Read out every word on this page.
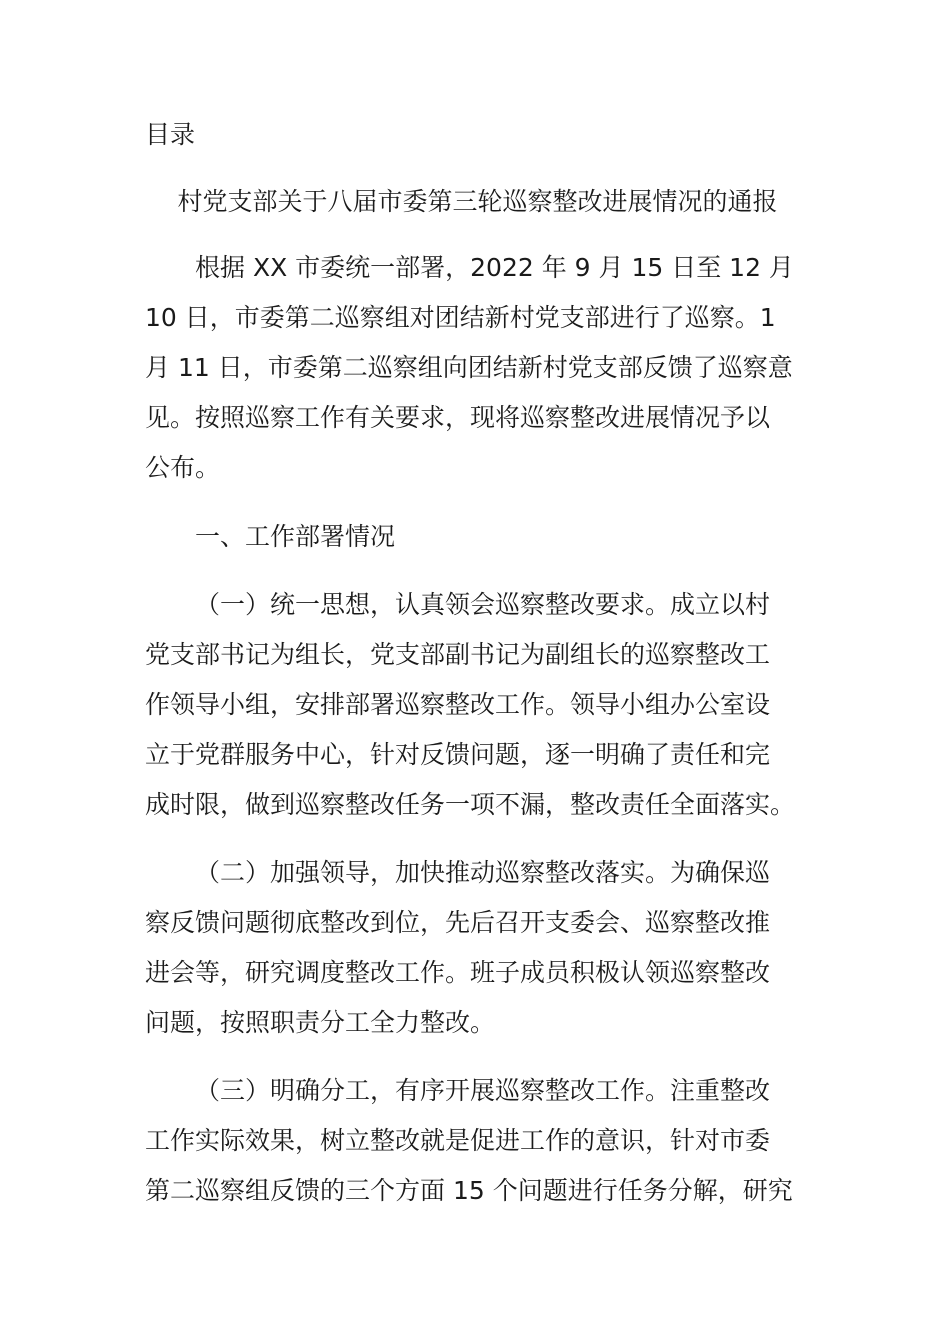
目录
村党支部关于八届市委第三轮巡察整改进展情况的通报
根据 XX 市委统一部署，2022 年 9 月 15 日至 12 月
10 日，市委第二巡察组对团结新村党支部进行了巡察。1
月 11 日，市委第二巡察组向团结新村党支部反馈了巡察意
见。按照巡察工作有关要求，现将巡察整改进展情况予以
公布。
一、工作部署情况
（一）统一思想，认真领会巡察整改要求。成立以村
党支部书记为组长，党支部副书记为副组长的巡察整改工
作领导小组，安排部署巡察整改工作。领导小组办公室设
立于党群服务中心，针对反馈问题，逐一明确了责任和完
成时限，做到巡察整改任务一项不漏，整改责任全面落实。
（二）加强领导，加快推动巡察整改落实。为确保巡
察反馈问题彻底整改到位，先后召开支委会、巡察整改推
进会等，研究调度整改工作。班子成员积极认领巡察整改
问题，按照职责分工全力整改。
（三）明确分工，有序开展巡察整改工作。注重整改
工作实际效果，树立整改就是促进工作的意识，针对市委
第二巡察组反馈的三个方面 15 个问题进行任务分解，研究
